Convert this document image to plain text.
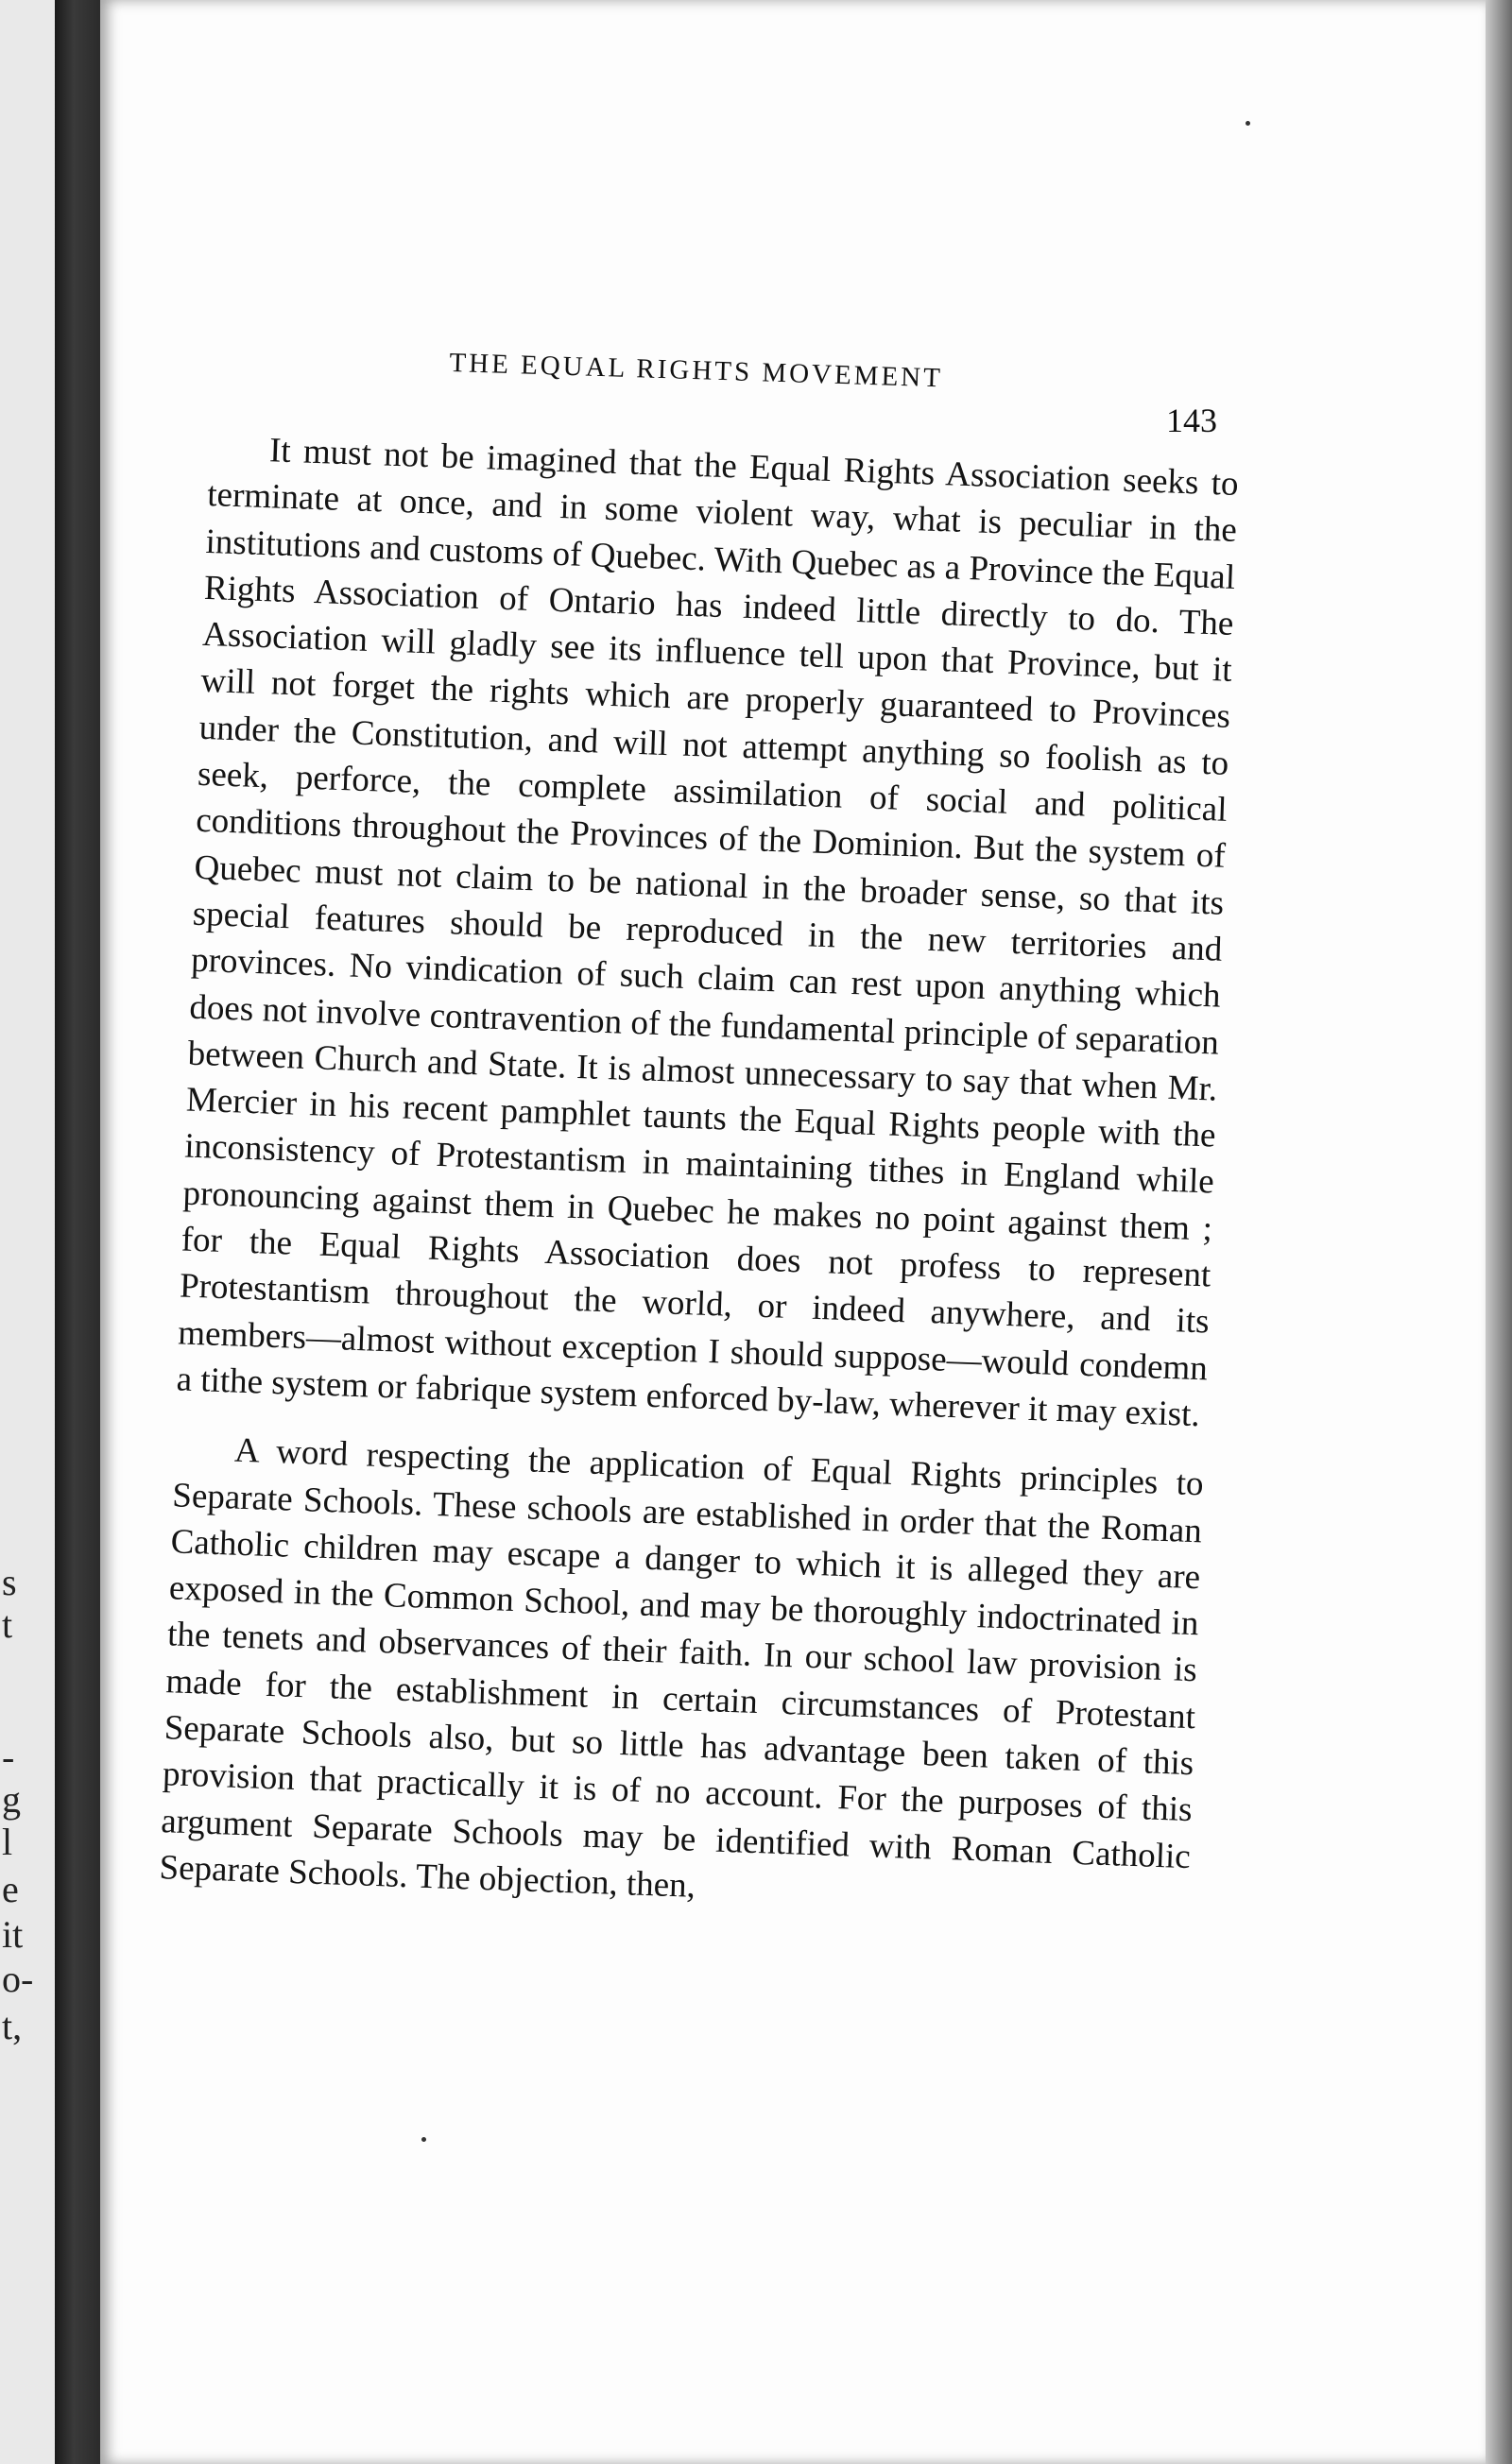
s
t
-
g
l
e
it
o-
t,
THE EQUAL RIGHTS MOVEMENT
143

It must not be imagined that the Equal Rights Association seeks to terminate at once, and in some violent way, what is peculiar in the institutions and customs of Quebec. With Quebec as a Province the Equal Rights Association of Ontario has indeed little directly to do. The Association will gladly see its influence tell upon that Province, but it will not forget the rights which are properly guaranteed to Provinces under the Constitution, and will not attempt anything so foolish as to seek, perforce, the complete assimilation of social and political conditions throughout the Provinces of the Dominion. But the system of Quebec must not claim to be national in the broader sense, so that its special features should be reproduced in the new territories and provinces. No vindication of such claim can rest upon anything which does not involve contravention of the fundamental principle of separation between Church and State. It is almost unnecessary to say that when Mr. Mercier in his recent pamphlet taunts the Equal Rights people with the inconsistency of Protestantism in maintaining tithes in England while pronouncing against them in Quebec he makes no point against them ; for the Equal Rights Association does not profess to represent Protestantism throughout the world, or indeed anywhere, and its members—almost without exception I should suppose—would condemn a tithe system or fabrique system enforced by-law, wherever it may exist.

A word respecting the application of Equal Rights principles to Separate Schools. These schools are established in order that the Roman Catholic children may escape a danger to which it is alleged they are exposed in the Common School, and may be thoroughly indoctrinated in the tenets and observances of their faith. In our school law provision is made for the establishment in certain circumstances of Protestant Separate Schools also, but so little has advantage been taken of this provision that practically it is of no account. For the purposes of this argument Separate Schools may be identified with Roman Catholic Separate Schools. The objection, then,
